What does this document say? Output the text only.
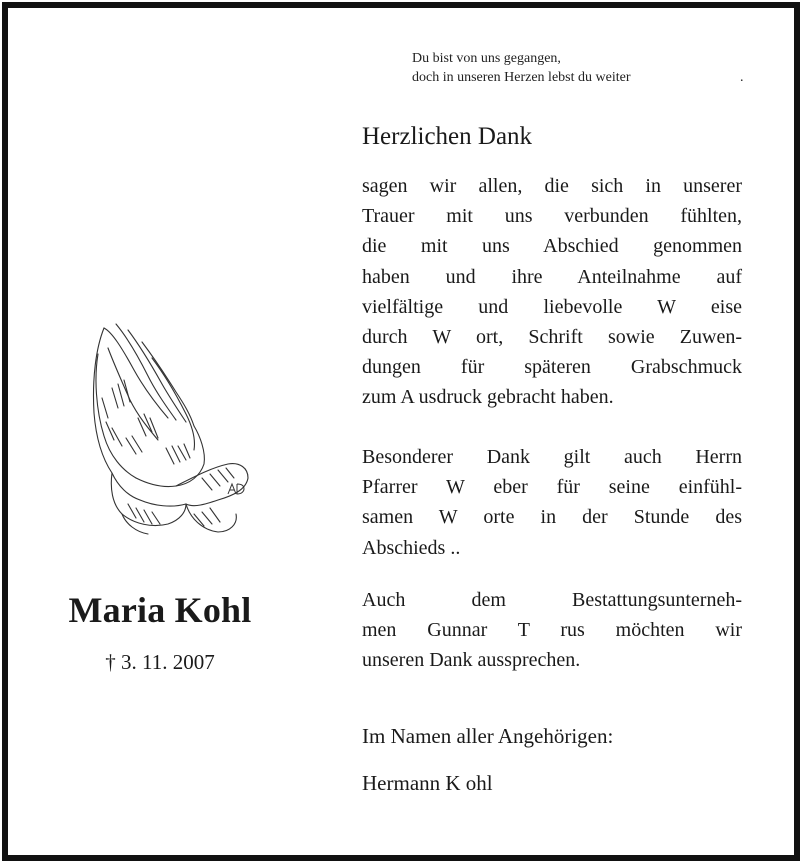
Du bist von uns gegangen,
doch in unseren Herzen lebst du weiter	.
Herzlichen Dank
sagen wir allen, die sich in unserer
Trauer mit uns verbunden fühlten,
die mit uns Abschied genommen
haben und ihre Anteilnahme auf
vielfältige und liebevolle W eise
durch W ort, Schrift sowie Zuwen-
dungen für späteren Grabschmuck
zum A usdruck gebracht haben.
Besonderer Dank gilt auch Herrn
Pfarrer W eber für seine einfühl-
samen W orte in der Stunde des
Abschieds ..
Auch dem Bestattungsunterneh-
men Gunnar T rus möchten wir
unseren Dank aussprechen.
Im Namen aller Angehörigen:
Hermann K ohl
Maria Kohl
† 3. 11. 2007
